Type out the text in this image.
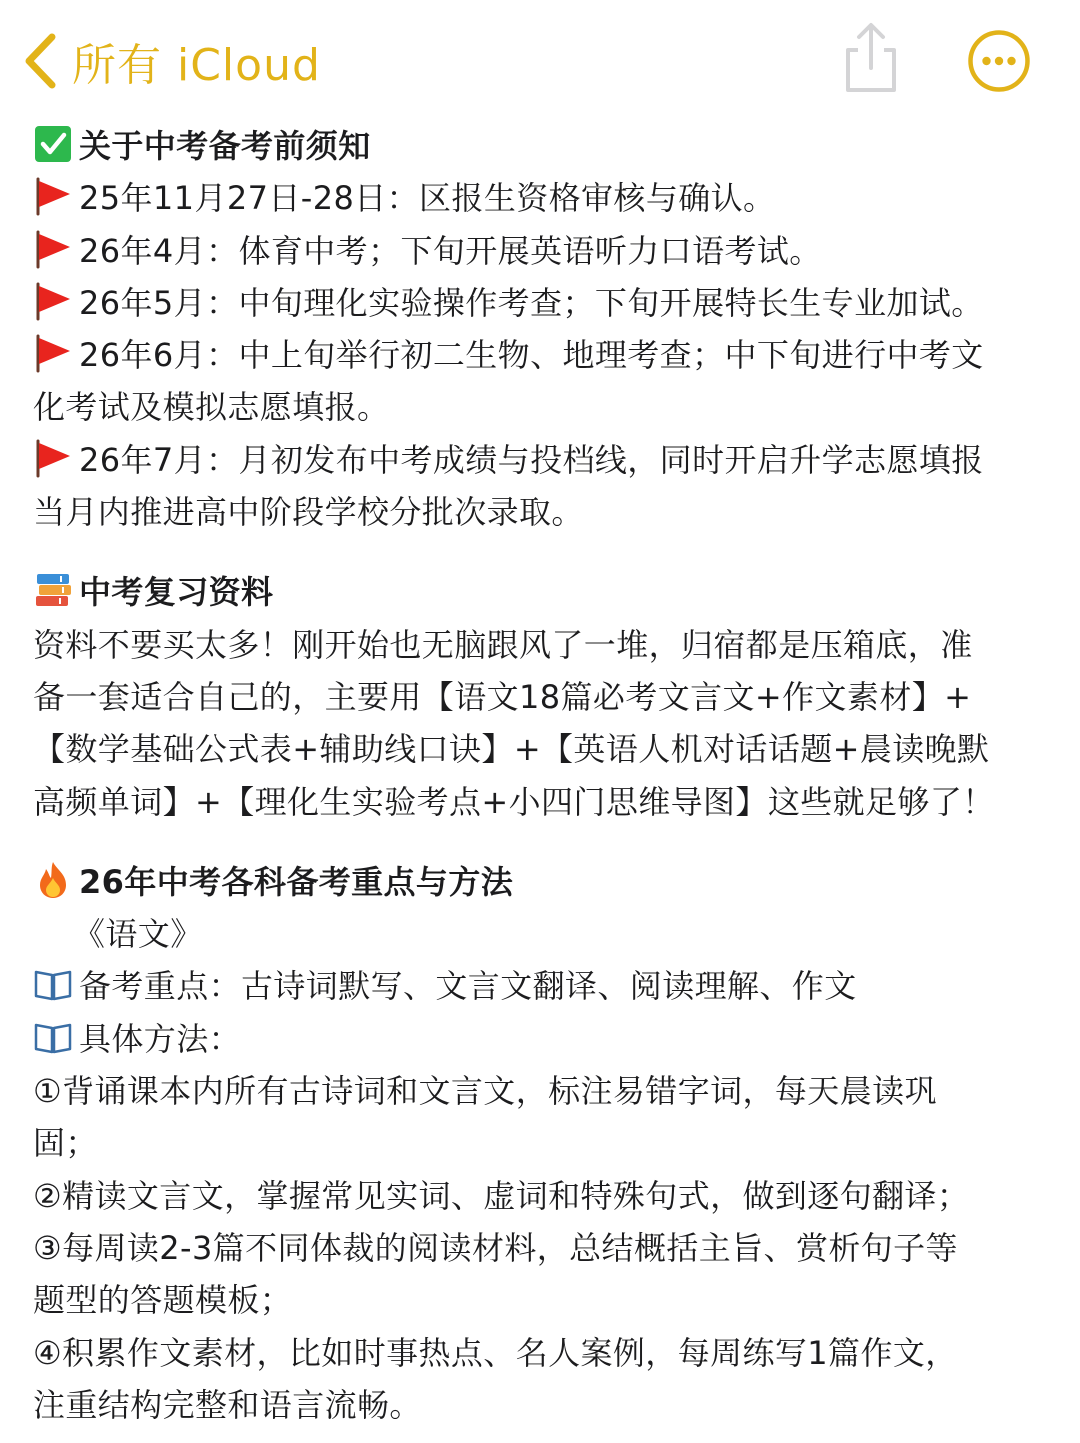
所有 iCloud
关于中考备考前须知
25年11月27日-28日：区报生资格审核与确认。
26年4月：体育中考；下旬开展英语听力口语考试。
26年5月：中旬理化实验操作考查；下旬开展特长生专业加试。
26年6月：中上旬举行初二生物、地理考查；中下旬进行中考文
化考试及模拟志愿填报。
26年7月：月初发布中考成绩与投档线，同时开启升学志愿填报
当月内推进高中阶段学校分批次录取。
中考复习资料
资料不要买太多！刚开始也无脑跟风了一堆，归宿都是压箱底，准
备一套适合自己的，主要用【语文18篇必考文言文+作文素材】+
【数学基础公式表+辅助线口诀】+【英语人机对话话题+晨读晚默
高频单词】+【理化生实验考点+小四门思维导图】这些就足够了！
26年中考各科备考重点与方法
《语文》
备考重点：古诗词默写、文言文翻译、阅读理解、作文
具体方法：
①背诵课本内所有古诗词和文言文，标注易错字词，每天晨读巩
固；
②精读文言文，掌握常见实词、虚词和特殊句式，做到逐句翻译；
③每周读2-3篇不同体裁的阅读材料，总结概括主旨、赏析句子等
题型的答题模板；
④积累作文素材，比如时事热点、名人案例，每周练写1篇作文，
注重结构完整和语言流畅。
